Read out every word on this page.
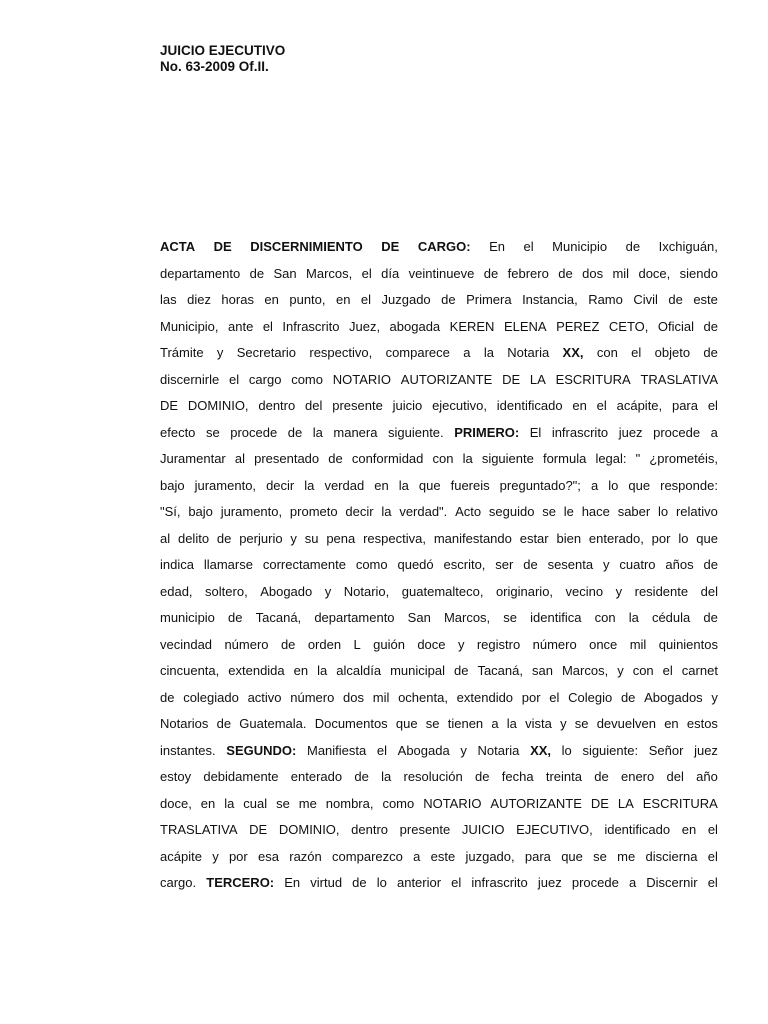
JUICIO EJECUTIVO
No. 63-2009 Of.II.
ACTA DE DISCERNIMIENTO DE CARGO: En el Municipio de Ixchiguán,
departamento de San Marcos, el día veintinueve de febrero de dos mil doce, siendo
las diez horas en punto, en el Juzgado de Primera Instancia, Ramo Civil de este
Municipio, ante el Infrascrito Juez, abogada KEREN ELENA PEREZ CETO, Oficial de
Trámite y Secretario respectivo, comparece a la Notaria XX, con el objeto de
discernirle el cargo como NOTARIO AUTORIZANTE DE LA ESCRITURA TRASLATIVA
DE DOMINIO, dentro del presente juicio ejecutivo, identificado en el acápite, para el
efecto se procede de la manera siguiente. PRIMERO: El infrascrito juez procede a
Juramentar al presentado de conformidad con la siguiente formula legal: " ¿prometéis,
bajo juramento, decir la verdad en la que fuereis preguntado?"; a lo que responde:
"Sí, bajo juramento, prometo decir la verdad". Acto seguido se le hace saber lo relativo
al delito de perjurio y su pena respectiva, manifestando estar bien enterado, por lo que
indica llamarse correctamente como quedó escrito, ser de sesenta y cuatro años de
edad, soltero, Abogado y Notario, guatemalteco, originario, vecino y residente del
municipio de Tacaná, departamento San Marcos, se identifica con la cédula de
vecindad número de orden L guión doce y registro número once mil quinientos
cincuenta, extendida en la alcaldía municipal de Tacaná, san Marcos, y con el carnet
de colegiado activo número dos mil ochenta, extendido por el Colegio de Abogados y
Notarios de Guatemala. Documentos que se tienen a la vista y se devuelven en estos
instantes. SEGUNDO: Manifiesta el Abogada y Notaria XX, lo siguiente: Señor juez
estoy debidamente enterado de la resolución de fecha treinta de enero del año
doce, en la cual se me nombra, como NOTARIO AUTORIZANTE DE LA ESCRITURA
TRASLATIVA DE DOMINIO, dentro presente JUICIO EJECUTIVO, identificado en el
acápite y por esa razón comparezco a este juzgado, para que se me discierna el
cargo. TERCERO: En virtud de lo anterior el infrascrito juez procede a Discernir el
